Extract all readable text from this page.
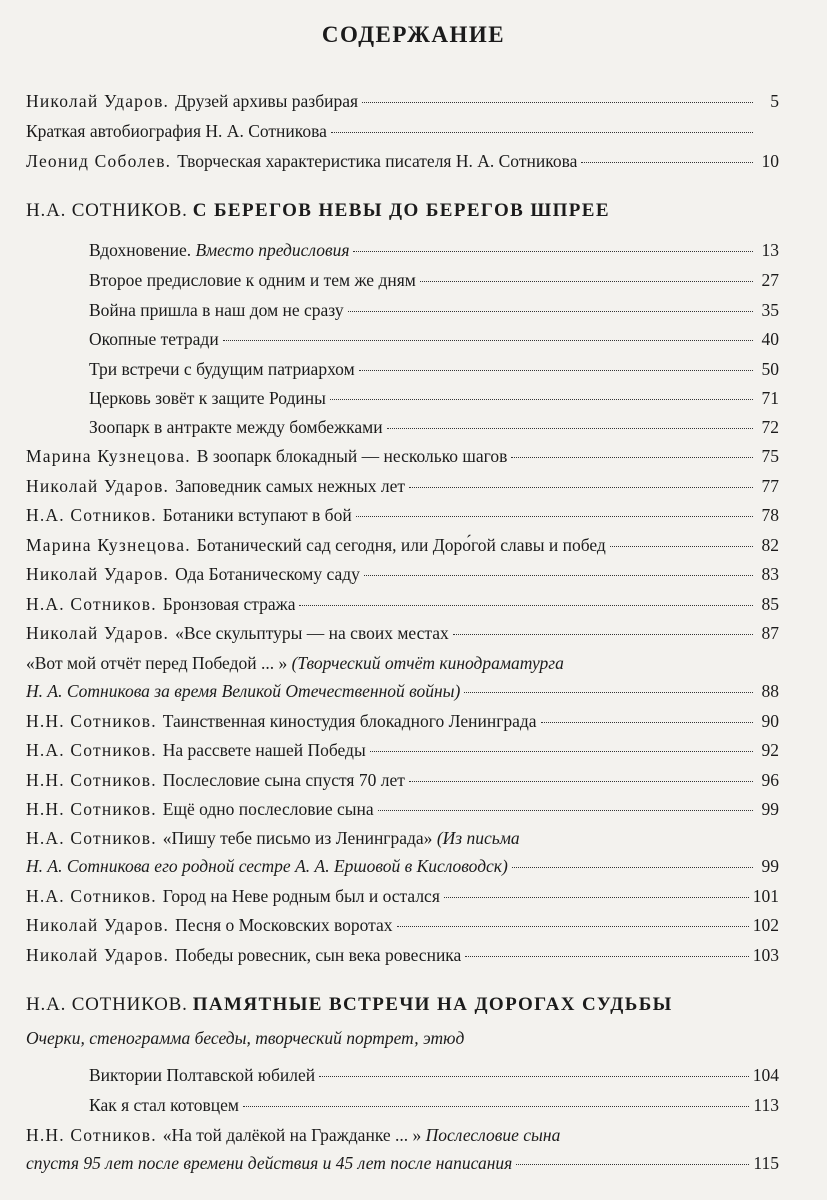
СОДЕРЖАНИЕ
Николай Ударов. Друзей архивы разбирая	5
Краткая автобиография Н. А. Сотникова
Леонид Соболев. Творческая характеристика писателя Н. А. Сотникова	10
Н.А. СОТНИКОВ. С БЕРЕГОВ НЕВЫ ДО БЕРЕГОВ ШПРЕЕ
Вдохновение. Вместо предисловия	13
Второе предисловие к одним и тем же дням	27
Война пришла в наш дом не сразу	35
Окопные тетради	40
Три встречи с будущим патриархом	50
Церковь зовёт к защите Родины	71
Зоопарк в антракте между бомбежками	72
Марина Кузнецова. В зоопарк блокадный — несколько шагов	75
Николай Ударов. Заповедник самых нежных лет	77
Н.А. Сотников. Ботаники вступают в бой	78
Марина Кузнецова. Ботанический сад сегодня, или Доро́гой славы и побед	82
Николай Ударов. Ода Ботаническому саду	83
Н.А. Сотников. Бронзовая стража	85
Николай Ударов. «Все скульптуры — на своих местах	87
«Вот мой отчёт перед Победой ... » (Творческий отчёт кинодраматурга
Н. А. Сотникова за время Великой Отечественной войны)	88
Н.Н. Сотников. Таинственная киностудия блокадного Ленинграда	90
Н.А. Сотников. На рассвете нашей Победы	92
Н.Н. Сотников. Послесловие сына спустя 70 лет	96
Н.Н. Сотников. Ещё одно послесловие сына	99
Н.А. Сотников. «Пишу тебе письмо из Ленинграда» (Из письма
Н. А. Сотникова его родной сестре А. А. Ершовой в Кисловодск)	99
Н.А. Сотников. Город на Неве родным был и остался	101
Николай Ударов. Песня о Московских воротах	102
Николай Ударов. Победы ровесник, сын века ровесника	103
Н.А. СОТНИКОВ. ПАМЯТНЫЕ ВСТРЕЧИ НА ДОРОГАХ СУДЬБЫ
Очерки, стенограмма беседы, творческий портрет, этюд
Виктории Полтавской юбилей	104
Как я стал котовцем	113
Н.Н. Сотников. «На той далёкой на Гражданке ... » Послесловие сына
спустя 95 лет после времени действия и 45 лет после написания	115
